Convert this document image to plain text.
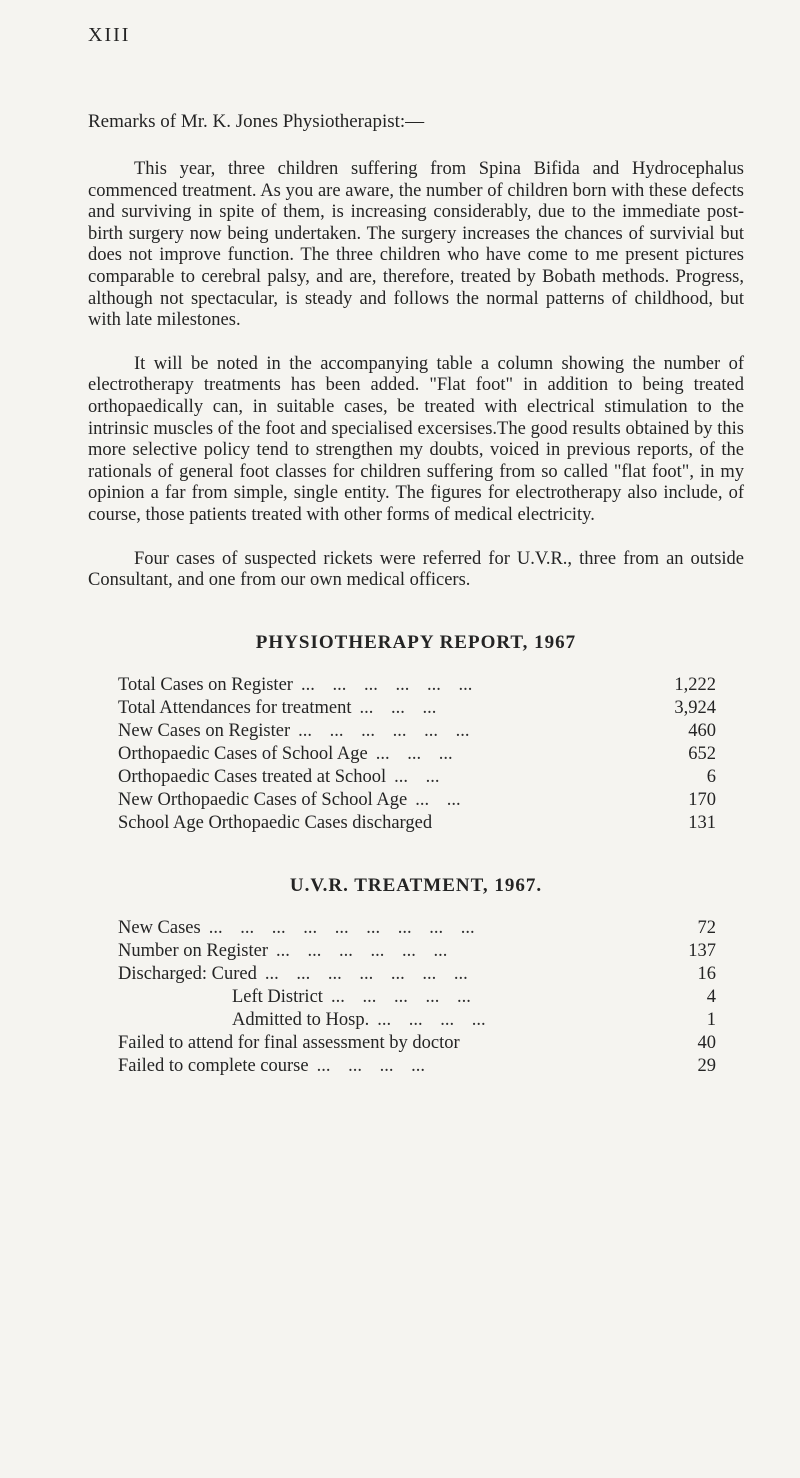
XIII
Remarks of Mr. K. Jones Physiotherapist:—

This year, three children suffering from Spina Bifida and Hydrocephalus commenced treatment. As you are aware, the number of children born with these defects and surviving in spite of them, is increasing considerably, due to the immediate post-birth surgery now being undertaken. The surgery increases the chances of survivial but does not improve function. The three children who have come to me present pictures comparable to cerebral palsy, and are, therefore, treated by Bobath methods. Progress, although not spectacular, is steady and follows the normal patterns of childhood, but with late milestones.

It will be noted in the accompanying table a column showing the number of electrotherapy treatments has been added. "Flat foot" in addition to being treated orthopaedically can, in suitable cases, be treated with electrical stimulation to the intrinsic muscles of the foot and specialised excersises.The good results obtained by this more selective policy tend to strengthen my doubts, voiced in previous reports, of the rationals of general foot classes for children suffering from so called "flat foot", in my opinion a far from simple, single entity. The figures for electrotherapy also include, of course, those patients treated with other forms of medical electricity.

Four cases of suspected rickets were referred for U.V.R., three from an outside Consultant, and one from our own medical officers.

PHYSIOTHERAPY REPORT, 1967
Total Cases on Register ... ... ... ... ... ...	1,222
Total Attendances for treatment ... ... ...	3,924
New Cases on Register ... ... ... ... ... ...	460
Orthopaedic Cases of School Age ... ... ...	652
Orthopaedic Cases treated at School ... ...	6
New Orthopaedic Cases of School Age ... ...	170
School Age Orthopaedic Cases discharged	131
U.V.R. TREATMENT, 1967.
New Cases ... ... ... ... ... ... ... ... ...	72
Number on Register ... ... ... ... ... ...	137
Discharged: Cured ... ... ... ... ... ... ...	16
Left District ... ... ... ... ...	4
Admitted to Hosp. ... ... ... ...	1
Failed to attend for final assessment by doctor	40
Failed to complete course ... ... ... ...	29
